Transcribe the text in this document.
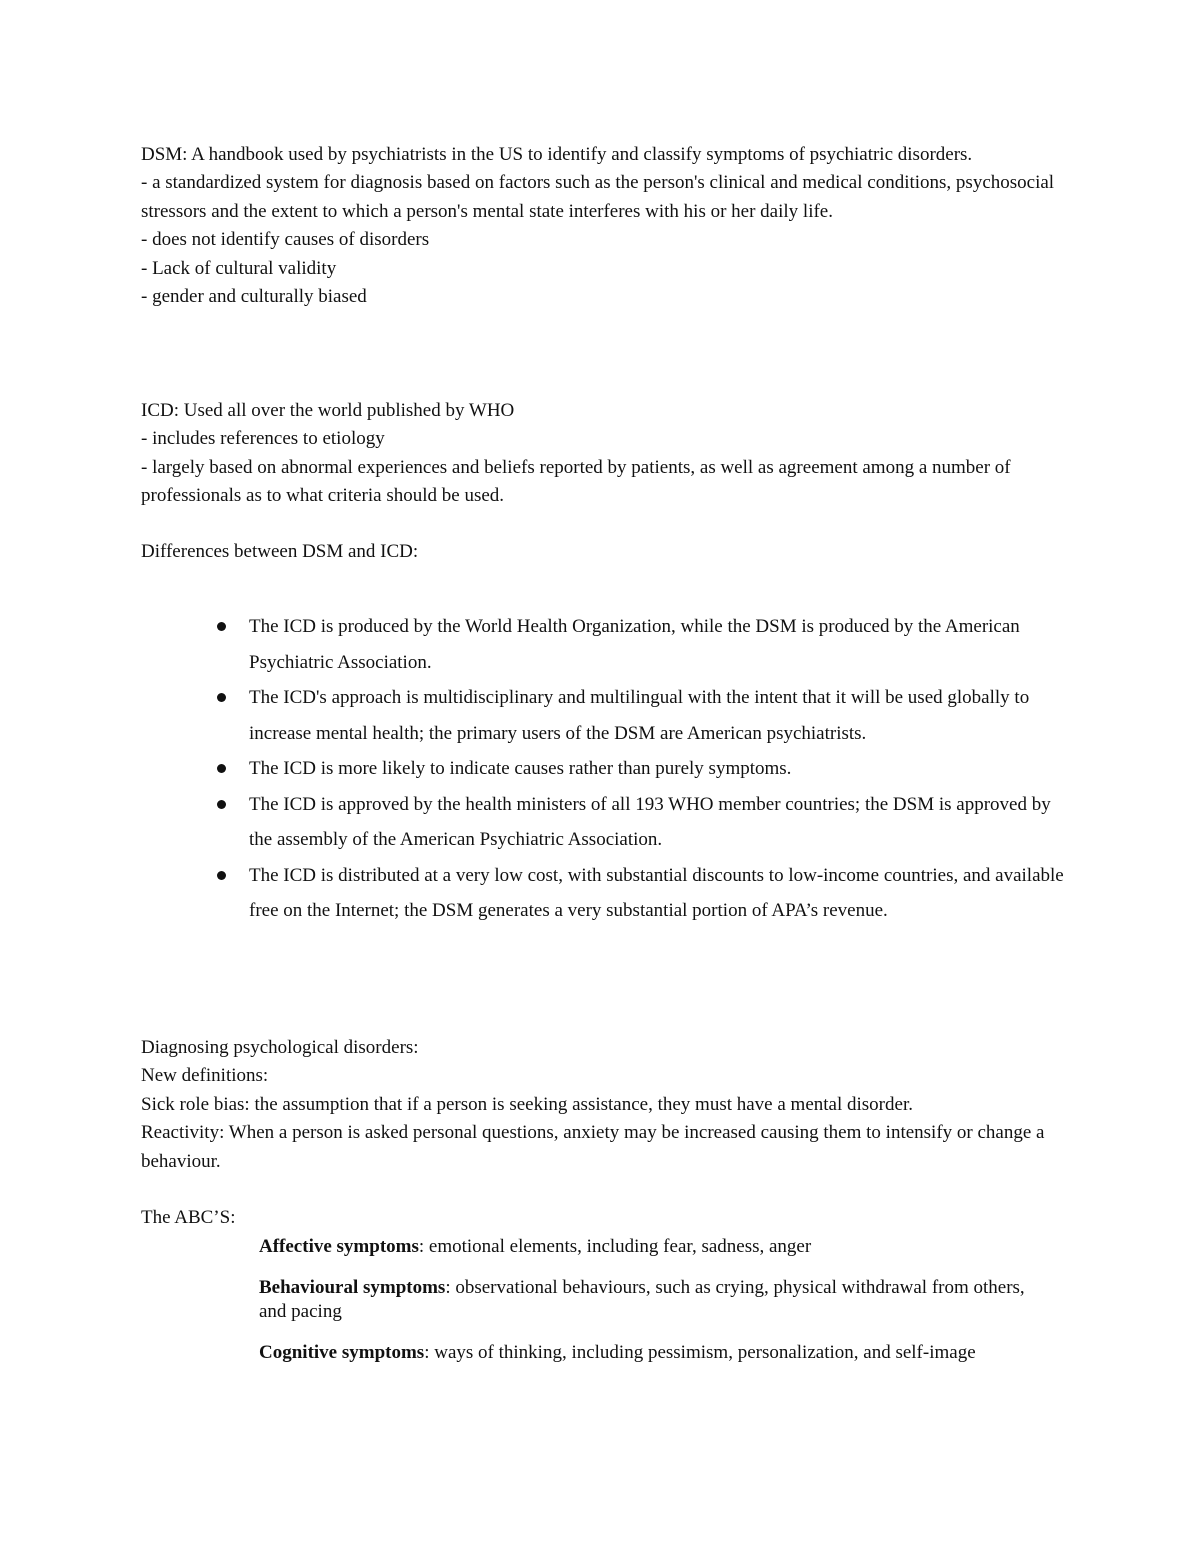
DSM: A handbook used by psychiatrists in the US to identify and classify symptoms of psychiatric disorders.

- a standardized system for diagnosis based on factors such as the person's clinical and medical conditions, psychosocial stressors and the extent to which a person's mental state interferes with his or her daily life.

- does not identify causes of disorders

- Lack of cultural validity

- gender and culturally biased

ICD: Used all over the world published by WHO

- includes references to etiology

- largely based on abnormal experiences and beliefs reported by patients, as well as agreement among a number of professionals as to what criteria should be used.

Differences between DSM and ICD:

The ICD is produced by the World Health Organization, while the DSM is produced by the American Psychiatric Association.
The ICD's approach is multidisciplinary and multilingual with the intent that it will be used globally to increase mental health; the primary users of the DSM are American psychiatrists.
The ICD is more likely to indicate causes rather than purely symptoms.
The ICD is approved by the health ministers of all 193 WHO member countries; the DSM is approved by the assembly of the American Psychiatric Association.
The ICD is distributed at a very low cost, with substantial discounts to low-income countries, and available free on the Internet; the DSM generates a very substantial portion of APA’s revenue.

Diagnosing psychological disorders:

New definitions:

Sick role bias: the assumption that if a person is seeking assistance, they must have a mental disorder.

Reactivity: When a person is asked personal questions, anxiety may be increased causing them to intensify or change a behaviour.

The ABC’S:

Affective symptoms: emotional elements, including fear, sadness, anger
Behavioural symptoms: observational behaviours, such as crying, physical withdrawal from others, and pacing
Cognitive symptoms: ways of thinking, including pessimism, personalization, and self-image
